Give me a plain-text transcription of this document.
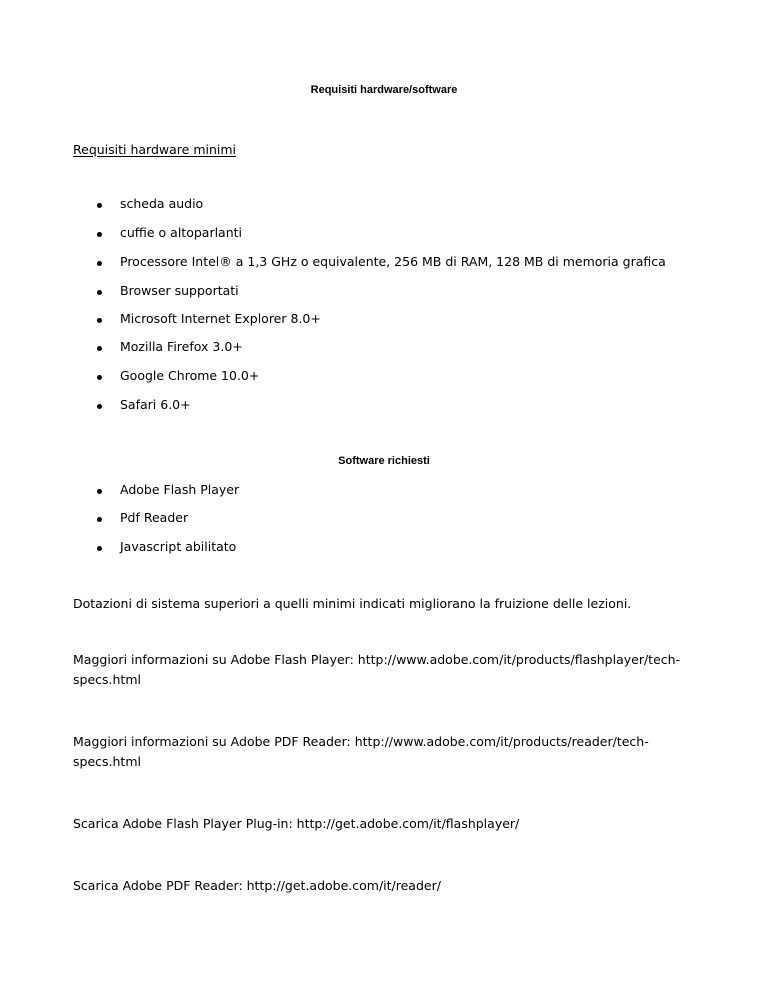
Requisiti hardware/software
Requisiti hardware minimi
scheda audio
cuffie o altoparlanti
Processore Intel® a 1,3 GHz o equivalente, 256 MB di RAM, 128 MB di memoria grafica
Browser supportati
Microsoft Internet Explorer 8.0+
Mozilla Firefox 3.0+
Google Chrome 10.0+
Safari 6.0+
Software richiesti
Adobe Flash Player
Pdf Reader
Javascript abilitato
Dotazioni di sistema superiori a quelli minimi indicati migliorano la fruizione delle lezioni.
Maggiori informazioni su Adobe Flash Player: http://www.adobe.com/it/products/flashplayer/tech-specs.html
Maggiori informazioni su Adobe PDF Reader: http://www.adobe.com/it/products/reader/tech-specs.html
Scarica Adobe Flash Player Plug-in: http://get.adobe.com/it/flashplayer/
Scarica Adobe PDF Reader: http://get.adobe.com/it/reader/
